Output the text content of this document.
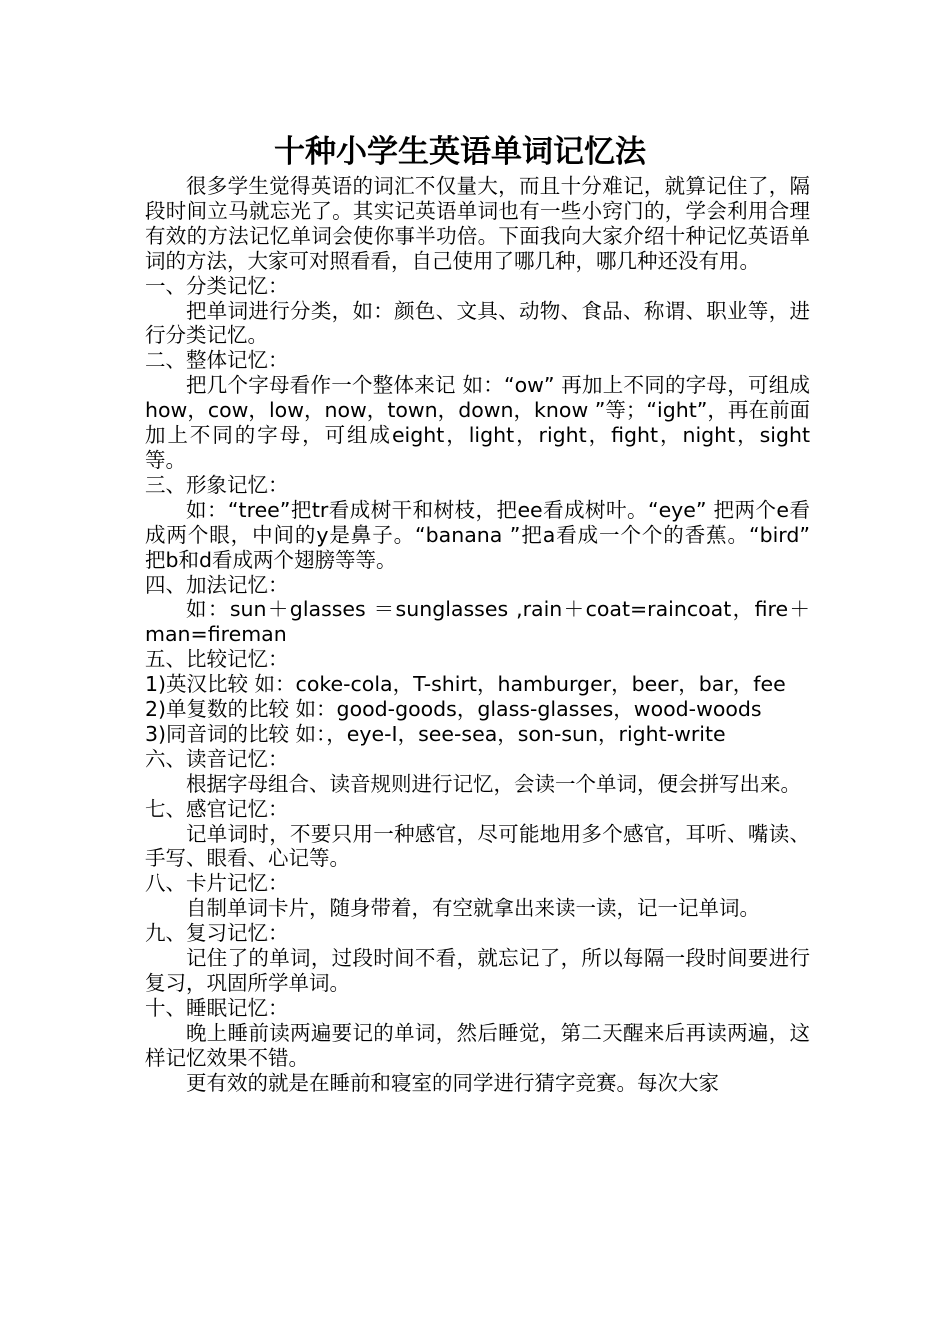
十种小学生英语单词记忆法

很多学生觉得英语的词汇不仅量大，而且十分难记，就算记住了，隔段时间立马就忘光了。其实记英语单词也有一些小窍门的，学会利用合理有效的方法记忆单词会使你事半功倍。下面我向大家介绍十种记忆英语单词的方法，大家可对照看看，自己使用了哪几种，哪几种还没有用。

一、分类记忆：

把单词进行分类，如：颜色、文具、动物、食品、称谓、职业等，进行分类记忆。

二、整体记忆：

把几个字母看作一个整体来记 如：“ow” 再加上不同的字母，可组成how，cow，low，now，town，down，know ”等；“ight”，再在前面加上不同的字母，可组成eight，light，right，fight，night，sight等。

三、形象记忆：

如：“tree”把tr看成树干和树枝，把ee看成树叶。“eye” 把两个e看成两个眼，中间的y是鼻子。“banana ”把a看成一个个的香蕉。“bird” 把b和d看成两个翅膀等等。

四、加法记忆：

如：sun＋glasses ＝sunglasses ,rain＋coat=raincoat，fire＋man=fireman

五、比较记忆：

1)英汉比较 如：coke-cola，T-shirt，hamburger，beer，bar，fee

2)单复数的比较 如：good-goods，glass-glasses，wood-woods

3)同音词的比较 如：，eye-I，see-sea，son-sun，right-write

六、读音记忆：

根据字母组合、读音规则进行记忆，会读一个单词，便会拼写出来。

七、感官记忆：

记单词时，不要只用一种感官，尽可能地用多个感官，耳听、嘴读、手写、眼看、心记等。

八、卡片记忆：

自制单词卡片，随身带着，有空就拿出来读一读，记一记单词。

九、复习记忆：

记住了的单词，过段时间不看，就忘记了，所以每隔一段时间要进行复习，巩固所学单词。

十、睡眠记忆：

晚上睡前读两遍要记的单词，然后睡觉，第二天醒来后再读两遍，这样记忆效果不错。

更有效的就是在睡前和寝室的同学进行猜字竞赛。每次大家
